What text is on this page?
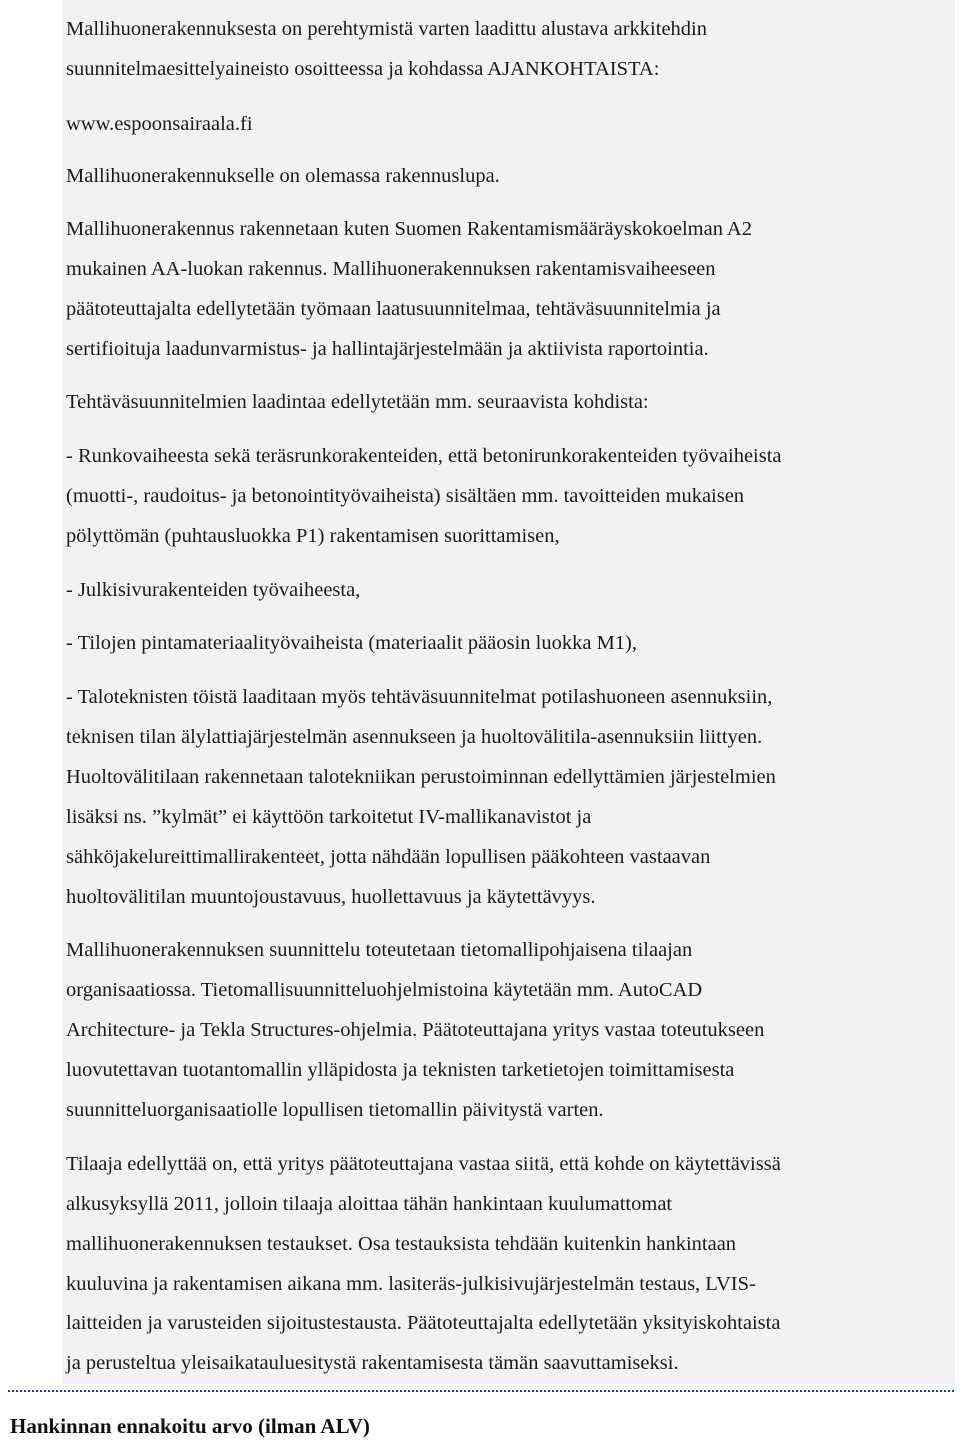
Mallihuonerakennuksesta on perehtymistä varten laadittu alustava arkkitehdin
suunnitelmaesittelyaineisto osoitteessa ja kohdassa AJANKOHTAISTA:
www.espoonsairaala.fi
Mallihuonerakennukselle on olemassa rakennuslupa.
Mallihuonerakennus rakennetaan kuten Suomen Rakentamismääräyskokoelman A2
mukainen AA-luokan rakennus. Mallihuonerakennuksen rakentamisvaiheeseen
päätoteuttajalta edellytetään työmaan laatusuunnitelmaa, tehtäväsuunnitelmia ja
sertifioituja laadunvarmistus- ja hallintajärjestelmään ja aktiivista raportointia.
Tehtäväsuunnitelmien laadintaa edellytetään mm. seuraavista kohdista:
- Runkovaiheesta sekä teräsrunkorakenteiden, että betonirunkorakenteiden työvaiheista
(muotti-, raudoitus- ja betonointityövaiheista) sisältäen mm. tavoitteiden mukaisen
pölyttömän (puhtausluokka P1) rakentamisen suorittamisen,
- Julkisivurakenteiden työvaiheesta,
- Tilojen pintamateriaalityövaiheista (materiaalit pääosin luokka M1),
- Taloteknisten töistä laaditaan myös tehtäväsuunnitelmat potilashuoneen asennuksiin,
teknisen tilan älylattiajärjestelmän asennukseen ja huoltovälitila-asennuksiin liittyen.
Huoltovälitilaan rakennetaan talotekniikan perustoiminnan edellyttämien järjestelmien
lisäksi ns. ”kylmät” ei käyttöön tarkoitetut IV-mallikanavistot ja
sähköjakelureittimallirakenteet, jotta nähdään lopullisen pääkohteen vastaavan
huoltovälitilan muuntojoustavuus, huollettavuus ja käytettävyys.
Mallihuonerakennuksen suunnittelu toteutetaan tietomallipohjaisena tilaajan
organisaatiossa. Tietomallisuunnitteluohjelmistoina käytetään mm. AutoCAD
Architecture- ja Tekla Structures-ohjelmia. Päätoteuttajana yritys vastaa toteutukseen
luovutettavan tuotantomallin ylläpidosta ja teknisten tarketietojen toimittamisesta
suunnitteluorganisaatiolle lopullisen tietomallin päivitystä varten.
Tilaaja edellyttää on, että yritys päätoteuttajana vastaa siitä, että kohde on käytettävissä
alkusyksyllä 2011, jolloin tilaaja aloittaa tähän hankintaan kuulumattomat
mallihuonerakennuksen testaukset. Osa testauksista tehdään kuitenkin hankintaan
kuuluvina ja rakentamisen aikana mm. lasiteräs-julkisivujärjestelmän testaus, LVIS-
laitteiden ja varusteiden sijoitustestausta. Päätoteuttajalta edellytetään yksityiskohtaista
ja perusteltua yleisaikatauluesitystä rakentamisesta tämän saavuttamiseksi.
Hankinnan ennakoitu arvo (ilman ALV)
